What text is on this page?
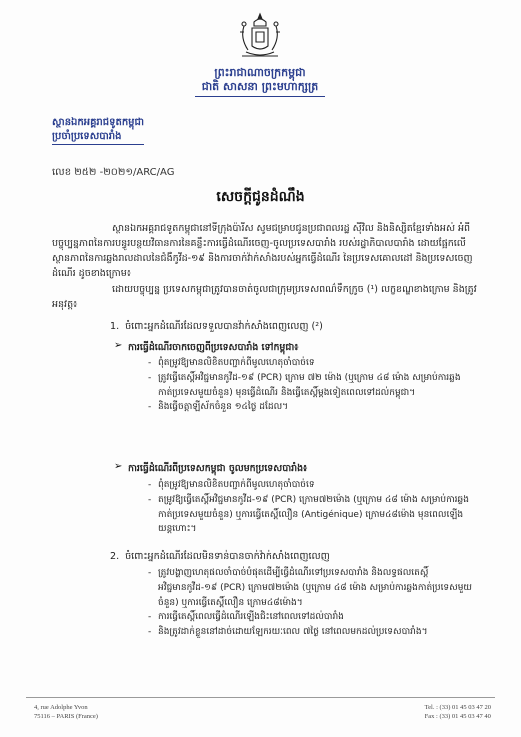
ព្រះរាជាណាចក្រកម្ពុជា
ជាតិ សាសនា ព្រះមហាក្សត្រ
ស្ថានឯកអគ្គរាជទូតកម្ពុជា
ប្រចាំប្រទេសបារាំង
លេខ ២៥២ -២០២១/ARC/AG
សេចក្តីជូនដំណឹង
ស្ថានឯកអគ្គរាជទូតកម្ពុជានៅទីក្រុងប៉ារីស សូមជម្រាបជូនប្រជាពលរដ្ឋ ស៊ីវិល និងនិស្សិតខ្មែរទាំងអស់ អំពីបច្ចុប្បន្នភាពនៃការបន្ធូរបន្ថយវិធានការនៃគន្លឹះការធ្វើដំណើរចេញ-ចូលប្រទេសបារាំង របស់រដ្ឋាភិបាលបារាំង ដោយផ្អែកលើស្ថានភាពនៃការឆ្លងរាលដាលនៃជំងឺកូវីដ-១៩ និងការចាក់វ៉ាក់សាំងរបស់អ្នកធ្វើដំណើរ នៃប្រទេសគោលដៅ និងប្រទេសចេញដំណើរ ដូចខាងក្រោម៖
ដោយបច្ចុប្បន្ន ប្រទេសកម្ពុជាត្រូវបានចាត់ចូលជាក្រុមប្រទេសពណ៌ទឹកក្រូច (¹) លក្ខខណ្ឌខាងក្រោម និងត្រូវអនុវត្ត៖
1. ចំពោះអ្នកដំណើរដែលទទួលបានវ៉ាក់សាំងពេញលេញ (²)
➢ ការធ្វើដំណើរចាកចេញពីប្រទេសបារាំង ទៅកម្ពុជា៖
- ពុំតម្រូវឱ្យមានលិខិតបញ្ជាក់ពីមូលហេតុចាំបាច់ទេ
- ត្រូវធ្វើតេស្តិ៍អវិជ្ជមានកូវីដ-១៩ (PCR) ក្រោម ៧២ ម៉ោង (ឬក្រោម ៤៨ ម៉ោង សម្រាប់ការឆ្លងកាត់ប្រទេសមួយចំនួន) មុនធ្វើដំណើរ និងធ្វើតេស្តិ៍ម្តងទៀតពេលទៅដល់កម្ពុជា។
- និងធ្វើចត្តាឡីស័កចំនួន ១៤ថ្ងៃ ដដែល។
➢ ការធ្វើដំណើរពីប្រទេសកម្ពុជា ចូលមកប្រទេសបារាំង៖
- ពុំតម្រូវឱ្យមានលិខិតបញ្ជាក់ពីមូលហេតុចាំបាច់ទេ
- តម្រូវឱ្យធ្វើតេស្តិ៍អវិជ្ជមានកូវីដ-១៩ (PCR) ក្រោម៧២ម៉ោង (ឬក្រោម ៤៨ ម៉ោង សម្រាប់ការឆ្លងកាត់ប្រទេសមួយចំនួន) ឬការធ្វើតេស្តិ៍លឿន (Antigénique) ក្រោម៤៨ម៉ោង មុនពេលឡើងយន្តហោះ។
2. ចំពោះអ្នកដំណើរដែលមិនទាន់បានចាក់វ៉ាក់សាំងពេញលេញ
- ត្រូវបង្ហាញហេតុផលចាំបាច់បំផុតដើម្បីធ្វើដំណើរទៅប្រទេសបារាំង និងលទ្ធផលតេស្តិ៍អវិជ្ជមានកូវីដ-១៩ (PCR) ក្រោម៧២ម៉ោង (ឬក្រោម ៤៨ ម៉ោង សម្រាប់ការឆ្លងកាត់ប្រទេសមួយចំនួន) ឬការធ្វើតេស្តិ៍លឿន ក្រោម៤៨ម៉ោង។
- ការធ្វើតេស្តិ៍ពេលធ្វើដំណើរឡើងជិះនៅពេលទៅដល់បារាំង
- និងត្រូវដាក់ខ្លួននៅដាច់ដោយឡែករយៈពេល ៧ថ្ងៃ នៅពេលមកដល់ប្រទេសបារាំង។
4, rue Adolphe Yvon
75116 – PARIS (France)
Tel. : (33) 01 45 03 47 20
Fax : (33) 01 45 03 47 40
